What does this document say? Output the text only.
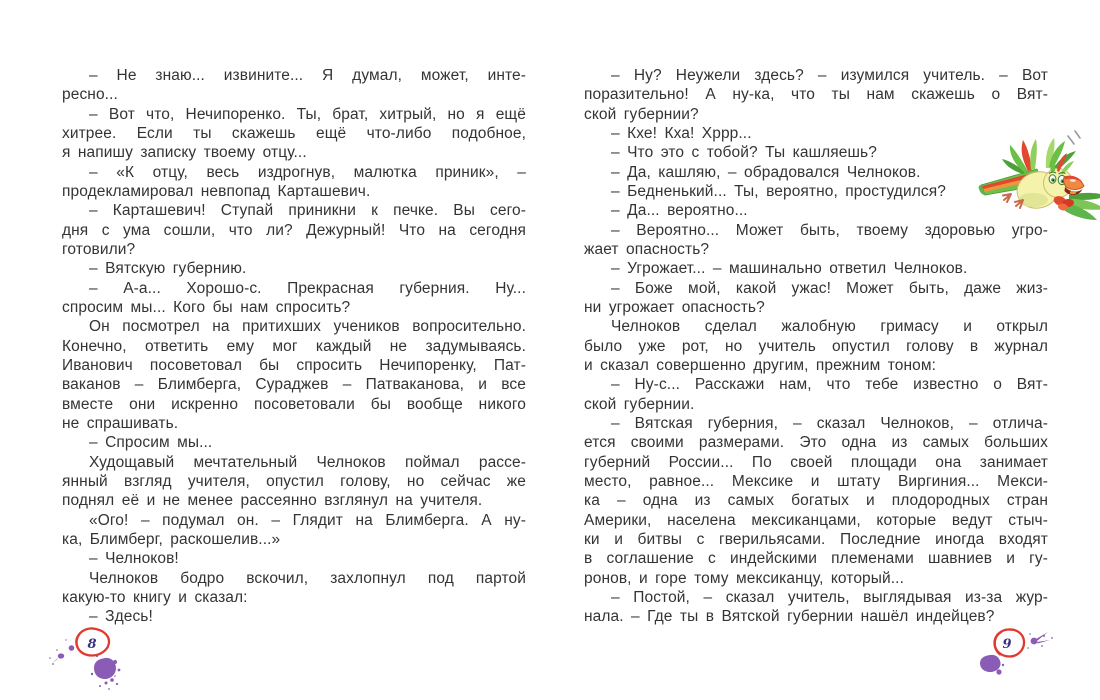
– Не знаю... извините... Я думал, может, инте-
ресно...
– Вот что, Нечипоренко. Ты, брат, хитрый, но я ещё
хитрее. Если ты скажешь ещё что-либо подобное,
я напишу записку твоему отцу...
– «К отцу, весь издрогнув, малютка приник», –
продекламировал невпопад Карташевич.
– Карташевич! Ступай приникни к печке. Вы сего-
дня с ума сошли, что ли? Дежурный! Что на сегодня
готовили?
– Вятскую губернию.
– А-а... Хорошо-с. Прекрасная губерния. Ну...
спросим мы... Кого бы нам спросить?
Он посмотрел на притихших учеников вопросительно.
Конечно, ответить ему мог каждый не задумываясь.
Иванович посоветовал бы спросить Нечипоренку, Пат-
ваканов – Блимберга, Сураджев – Патваканова, и все
вместе они искренно посоветовали бы вообще никого
не спрашивать.
– Спросим мы...
Худощавый мечтательный Челноков поймал рассе-
янный взгляд учителя, опустил голову, но сейчас же
поднял её и не менее рассеянно взглянул на учителя.
«Ого! – подумал он. – Глядит на Блимберга. А ну-
ка, Блимберг, раскошелив...»
– Челноков!
Челноков бодро вскочил, захлопнул под партой
какую-то книгу и сказал:
– Здесь!
– Ну? Неужели здесь? – изумился учитель. – Вот
поразительно! А ну-ка, что ты нам скажешь о Вят-
ской губернии?
– Кхе! Кха! Хррр...
– Что это с тобой? Ты кашляешь?
– Да, кашляю, – обрадовался Челноков.
– Бедненький... Ты, вероятно, простудился?
– Да... вероятно...
– Вероятно... Может быть, твоему здоровью угро-
жает опасность?
– Угрожает... – машинально ответил Челноков.
– Боже мой, какой ужас! Может быть, даже жиз-
ни угрожает опасность?
Челноков сделал жалобную гримасу и открыл
было уже рот, но учитель опустил голову в журнал
и сказал совершенно другим, прежним тоном:
– Ну-с... Расскажи нам, что тебе известно о Вят-
ской губернии.
– Вятская губерния, – сказал Челноков, – отлича-
ется своими размерами. Это одна из самых больших
губерний России... По своей площади она занимает
место, равное... Мексике и штату Виргиния... Мекси-
ка – одна из самых богатых и плодородных стран
Америки, населена мексиканцами, которые ведут стыч-
ки и битвы с гверильясами. Последние иногда входят
в соглашение с индейскими племенами шавниев и гу-
ронов, и горе тому мексиканцу, который...
– Постой, – сказал учитель, выглядывая из-за жур-
нала. – Где ты в Вятской губернии нашёл индейцев?
8	9
